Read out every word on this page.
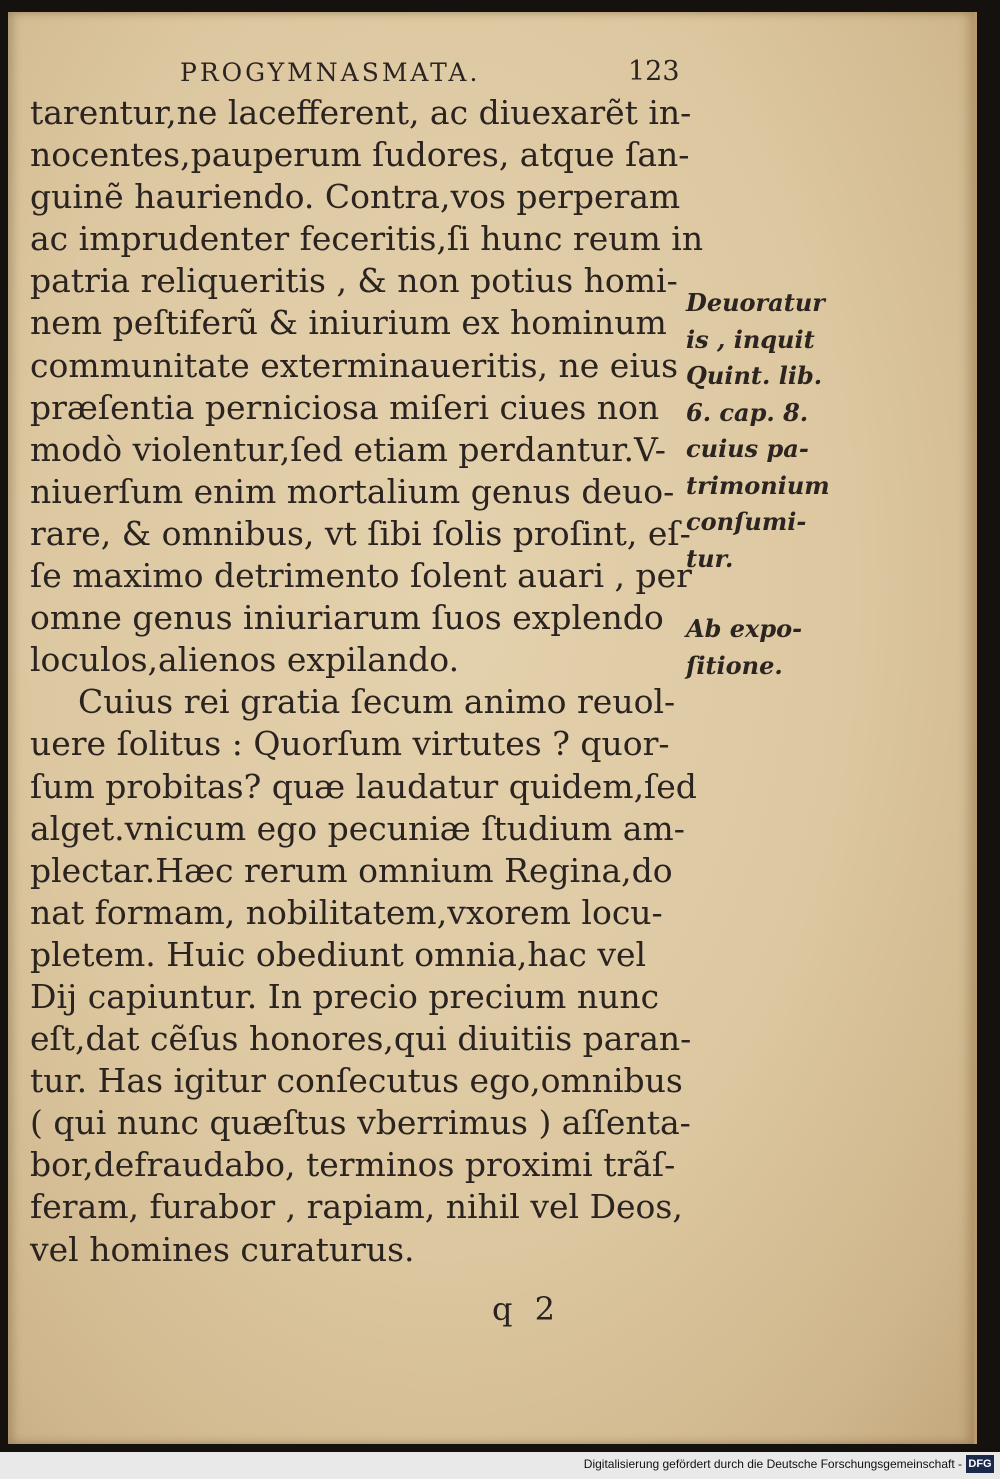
PROGYMNASMATA.	123
tarentur,ne lacefferent, ac diuexarẽt in-
nocentes,pauperum ſudores, atque ſan-
guinẽ hauriendo. Contra,vos perperam
ac imprudenter feceritis,ſi hunc reum in
patria reliqueritis , & non potius homi-
nem peſtiferũ & iniurium ex hominum
communitate exterminaueritis, ne eius
præſentia perniciosa miſeri ciues non
modò violentur,ſed etiam perdantur.V-
niuerſum enim mortalium genus deuo-
rare, & omnibus, vt ſibi ſolis proſint, eſ-
ſe maximo detrimento ſolent auari , per
omne genus iniuriarum ſuos explendo
loculos,alienos expilando.
Cuius rei gratia ſecum animo reuol-
uere ſolitus : Quorſum virtutes ? quor-
ſum probitas? quæ laudatur quidem,ſed
alget.vnicum ego pecuniæ ſtudium am-
plectar.Hæc rerum omnium Regina,do
nat formam, nobilitatem,vxorem locu-
pletem. Huic obediunt omnia,hac vel
Dij capiuntur. In precio precium nunc
eſt,dat cẽſus honores,qui diuitiis paran-
tur. Has igitur conſecutus ego,omnibus
( qui nunc quæſtus vberrimus ) aſſenta-
bor,defraudabo, terminos proximi trãſ-
feram, furabor , rapiam, nihil vel Deos,
vel homines curaturus.
Deuoratur
is , inquit
Quint. lib.
6. cap. 8.
cuius pa-
trimonium
conſumi-
tur.
Ab expo-
ſitione.
q 2
Digitalisierung gefördert durch die Deutsche Forschungsgemeinschaft - DFG
